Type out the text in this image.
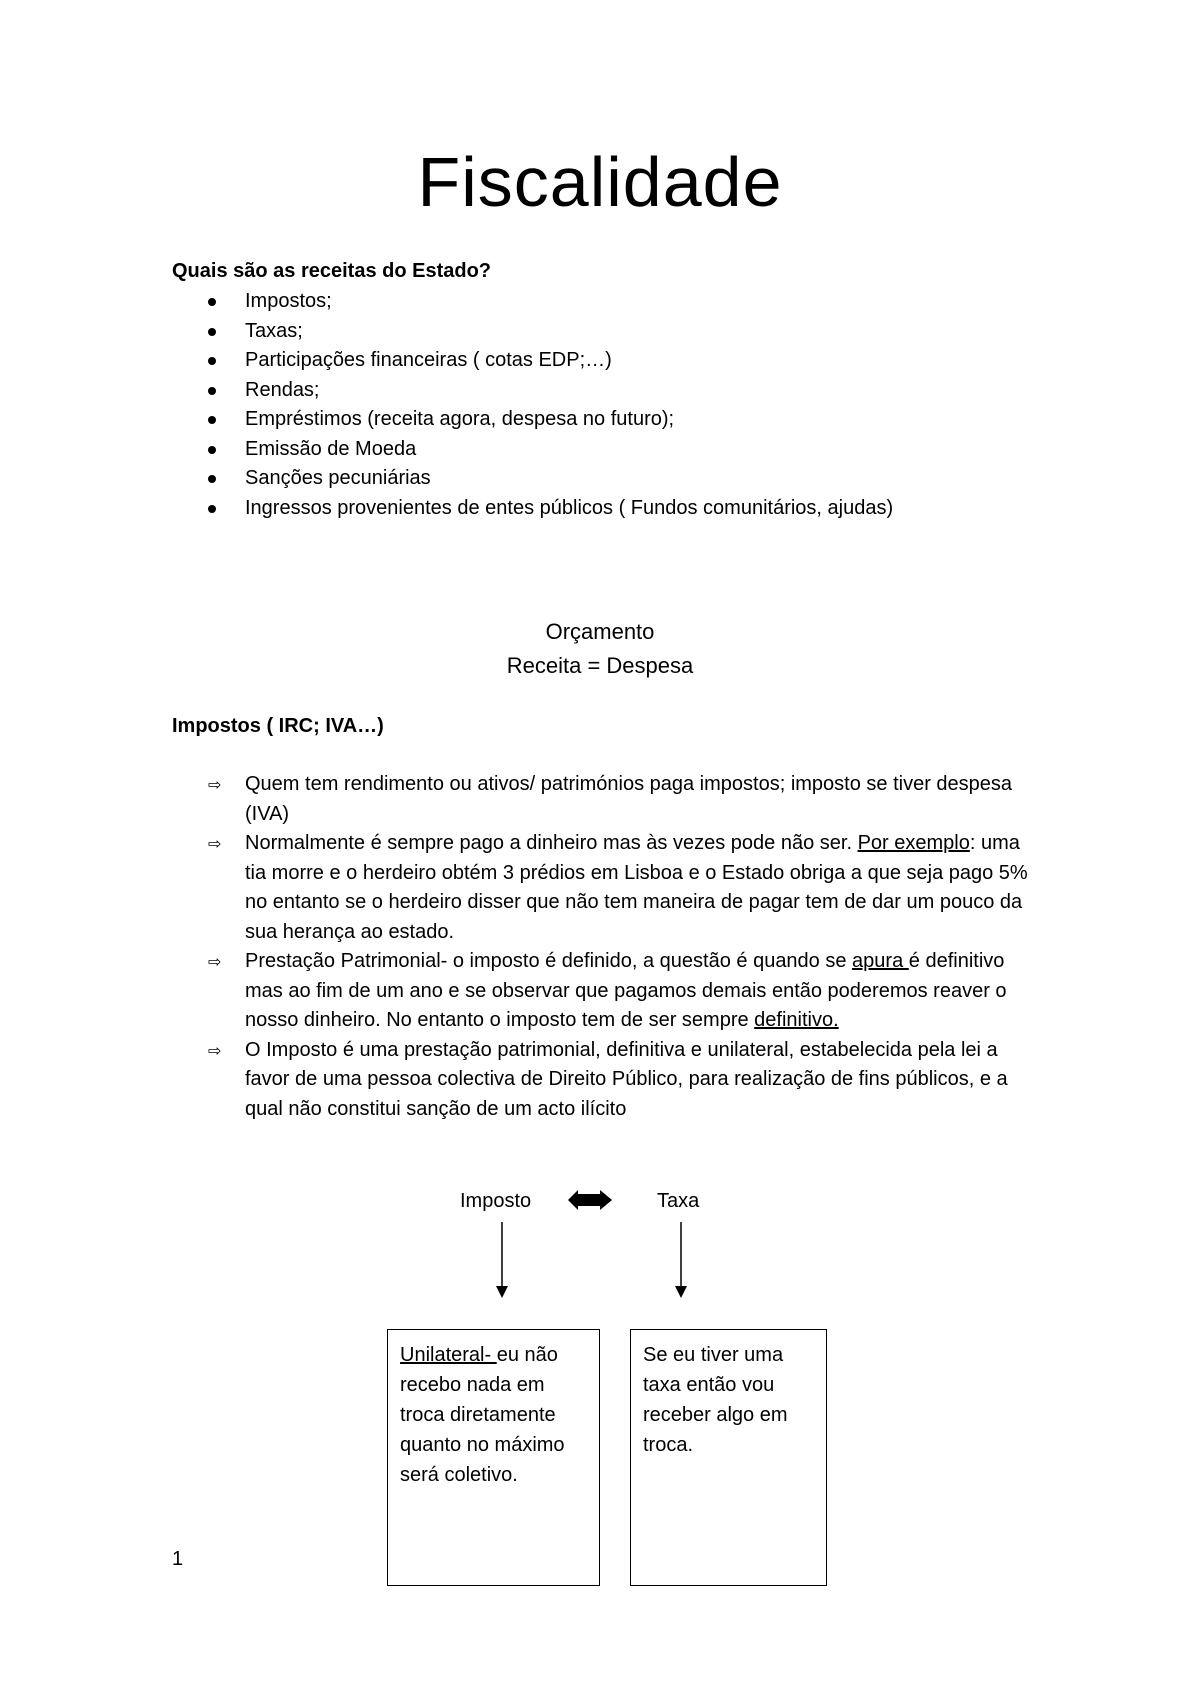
Fiscalidade
Quais são as receitas do Estado?
Impostos;
Taxas;
Participações financeiras ( cotas EDP;…)
Rendas;
Empréstimos (receita agora, despesa no futuro);
Emissão de Moeda
Sanções pecuniárias
Ingressos provenientes de entes públicos ( Fundos comunitários, ajudas)
Orçamento
Receita = Despesa
Impostos ( IRC; IVA…)
⇨ Quem tem rendimento ou ativos/ patrimónios paga impostos; imposto se tiver despesa (IVA)
⇨ Normalmente é sempre pago a dinheiro mas às vezes pode não ser. Por exemplo: uma tia morre e o herdeiro obtém 3 prédios em Lisboa e o Estado obriga a que seja pago 5% no entanto se o herdeiro disser que não tem maneira de pagar tem de dar um pouco da sua herança ao estado.
⇨ Prestação Patrimonial- o imposto é definido, a questão é quando se apura é definitivo mas ao fim de um ano e se observar que pagamos demais então poderemos reaver o nosso dinheiro. No entanto o imposto tem de ser sempre definitivo.
⇨ O Imposto é uma prestação patrimonial, definitiva e unilateral, estabelecida pela lei a favor de uma pessoa colectiva de Direito Público, para realização de fins públicos, e a qual não constitui sanção de um acto ilícito
Imposto	Taxa
Unilateral- eu não recebo nada em troca diretamente quanto no máximo será coletivo.
Se eu tiver uma taxa então vou receber algo em troca.
1
